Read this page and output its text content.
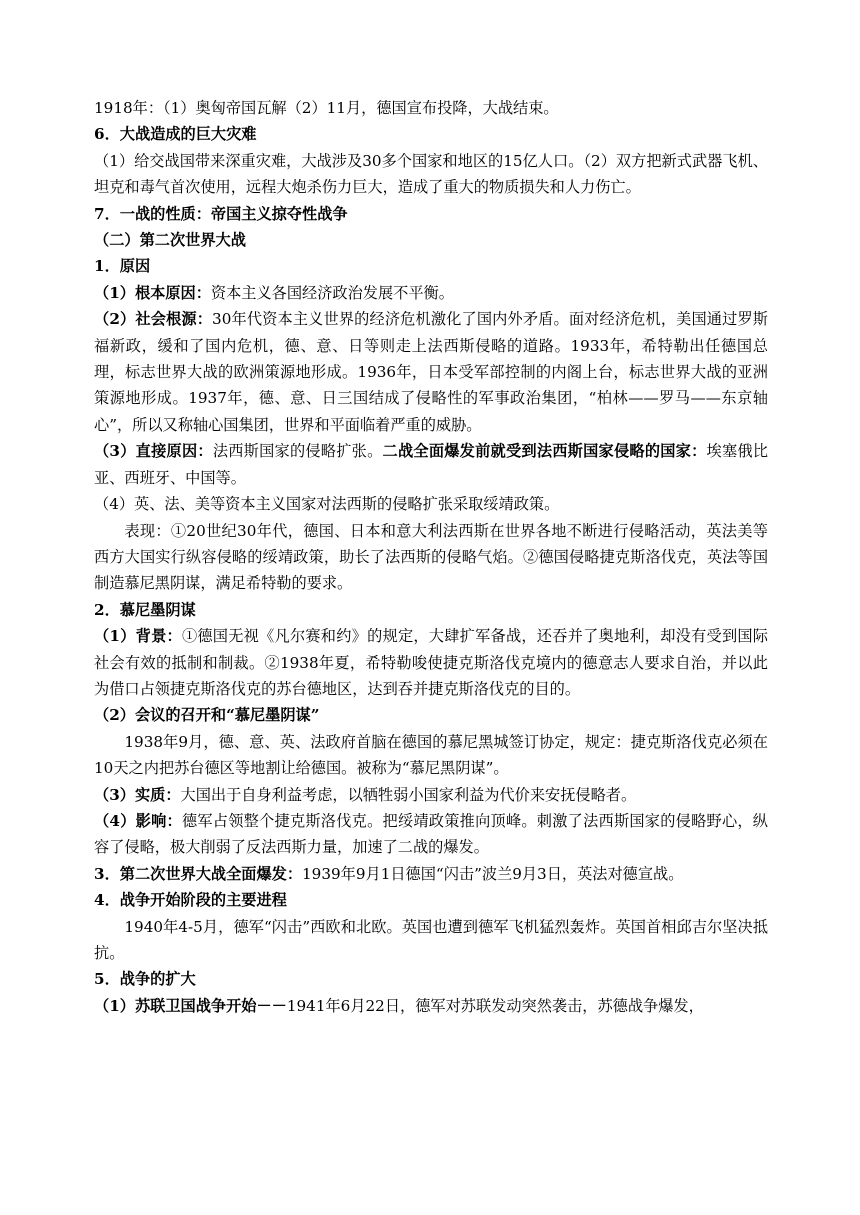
1918年：（1）奥匈帝国瓦解（2）11月，德国宣布投降，大战结束。

6．大战造成的巨大灾难

（1）给交战国带来深重灾难，大战涉及30多个国家和地区的15亿人口。（2）双方把新式武器飞机、坦克和毒气首次使用，远程大炮杀伤力巨大，造成了重大的物质损失和人力伤亡。

7．一战的性质：帝国主义掠夺性战争

（二）第二次世界大战

1．原因

（1）根本原因：资本主义各国经济政治发展不平衡。

（2）社会根源：30年代资本主义世界的经济危机激化了国内外矛盾。面对经济危机，美国通过罗斯福新政，缓和了国内危机，德、意、日等则走上法西斯侵略的道路。1933年，希特勒出任德国总理，标志世界大战的欧洲策源地形成。1936年，日本受军部控制的内阁上台，标志世界大战的亚洲策源地形成。1937年，德、意、日三国结成了侵略性的军事政治集团，“柏林——罗马——东京轴心”，所以又称轴心国集团，世界和平面临着严重的威胁。

（3）直接原因：法西斯国家的侵略扩张。二战全面爆发前就受到法西斯国家侵略的国家：埃塞俄比亚、西班牙、中国等。

（4）英、法、美等资本主义国家对法西斯的侵略扩张采取绥靖政策。

表现：①20世纪30年代，德国、日本和意大利法西斯在世界各地不断进行侵略活动，英法美等西方大国实行纵容侵略的绥靖政策，助长了法西斯的侵略气焰。②德国侵略捷克斯洛伐克，英法等国制造慕尼黑阴谋，满足希特勒的要求。

2．慕尼墨阴谋

（1）背景：①德国无视《凡尔赛和约》的规定，大肆扩军备战，还吞并了奥地利，却没有受到国际社会有效的抵制和制裁。②1938年夏，希特勒唆使捷克斯洛伐克境内的德意志人要求自治，并以此为借口占领捷克斯洛伐克的苏台德地区，达到吞并捷克斯洛伐克的目的。

（2）会议的召开和“慕尼墨阴谋”

1938年9月，德、意、英、法政府首脑在德国的慕尼黑城签订协定，规定：捷克斯洛伐克必须在10天之内把苏台德区等地割让给德国。被称为“慕尼黑阴谋”。

（3）实质：大国出于自身利益考虑，以牺牲弱小国家利益为代价来安抚侵略者。

（4）影响：德军占领整个捷克斯洛伐克。把绥靖政策推向顶峰。刺激了法西斯国家的侵略野心，纵容了侵略，极大削弱了反法西斯力量，加速了二战的爆发。

3．第二次世界大战全面爆发：1939年9月1日德国“闪击”波兰9月3日，英法对德宣战。

4．战争开始阶段的主要进程

1940年4-5月，德军“闪击”西欧和北欧。英国也遭到德军飞机猛烈轰炸。英国首相邱吉尔坚决抵抗。

5．战争的扩大

（1）苏联卫国战争开始－－1941年6月22日，德军对苏联发动突然袭击，苏德战争爆发，
